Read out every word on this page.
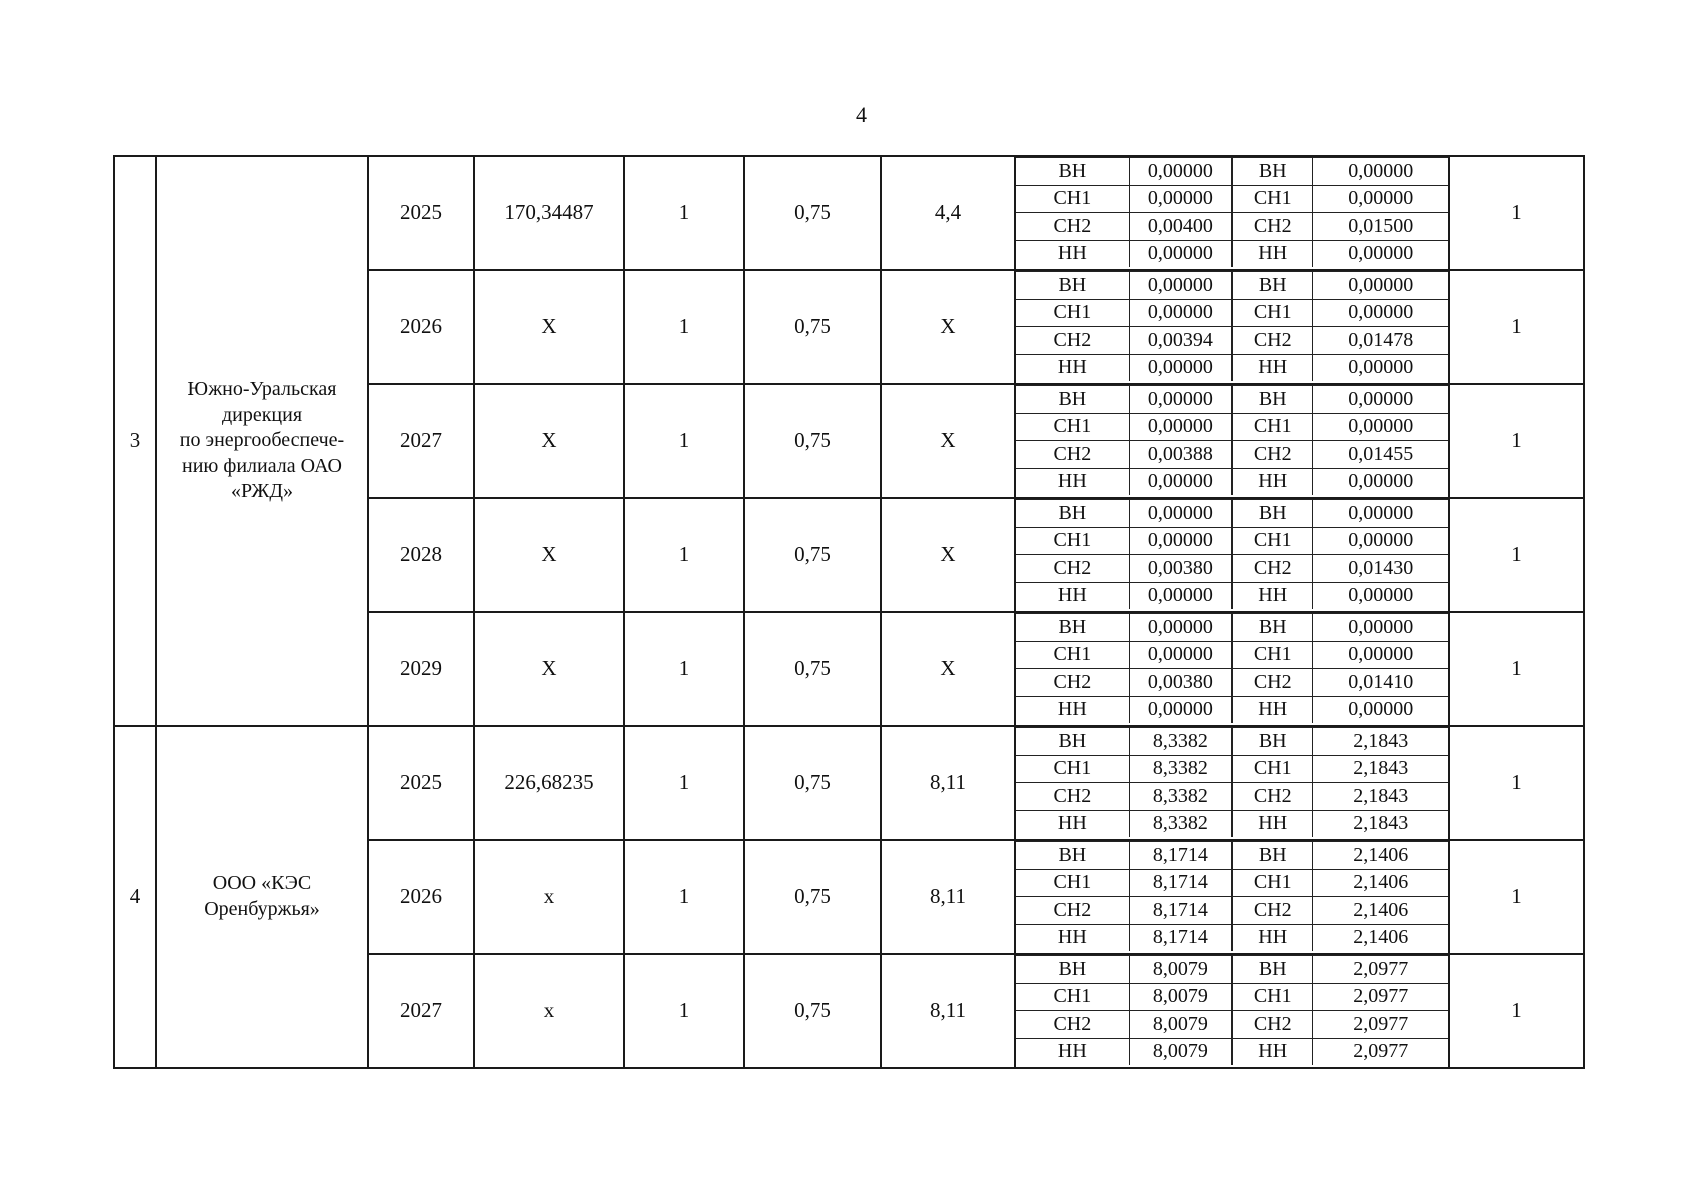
4
3	
Южно-Уральская
дирекция
по энергообеспече-
нию филиала ОАО
«РЖД»
	2025	170,34487	1	0,75	4,4	
ВН	0,00000	ВН	0,00000
СН1	0,00000	СН1	0,00000
СН2	0,00400	СН2	0,01500
НН	0,00000	НН	0,00000
	1
2026	X	1	0,75	X	
ВН	0,00000	ВН	0,00000
СН1	0,00000	СН1	0,00000
СН2	0,00394	СН2	0,01478
НН	0,00000	НН	0,00000
	1
2027	X	1	0,75	X	
ВН	0,00000	ВН	0,00000
СН1	0,00000	СН1	0,00000
СН2	0,00388	СН2	0,01455
НН	0,00000	НН	0,00000
	1
2028	X	1	0,75	X	
ВН	0,00000	ВН	0,00000
СН1	0,00000	СН1	0,00000
СН2	0,00380	СН2	0,01430
НН	0,00000	НН	0,00000
	1
2029	X	1	0,75	X	
ВН	0,00000	ВН	0,00000
СН1	0,00000	СН1	0,00000
СН2	0,00380	СН2	0,01410
НН	0,00000	НН	0,00000
	1
4	
ООО «КЭС
Оренбуржья»
	2025	226,68235	1	0,75	8,11	
ВН	8,3382	ВН	2,1843
СН1	8,3382	СН1	2,1843
СН2	8,3382	СН2	2,1843
НН	8,3382	НН	2,1843
	1
2026	x	1	0,75	8,11	
ВН	8,1714	ВН	2,1406
СН1	8,1714	СН1	2,1406
СН2	8,1714	СН2	2,1406
НН	8,1714	НН	2,1406
	1
2027	x	1	0,75	8,11	
ВН	8,0079	ВН	2,0977
СН1	8,0079	СН1	2,0977
СН2	8,0079	СН2	2,0977
НН	8,0079	НН	2,0977
	1
